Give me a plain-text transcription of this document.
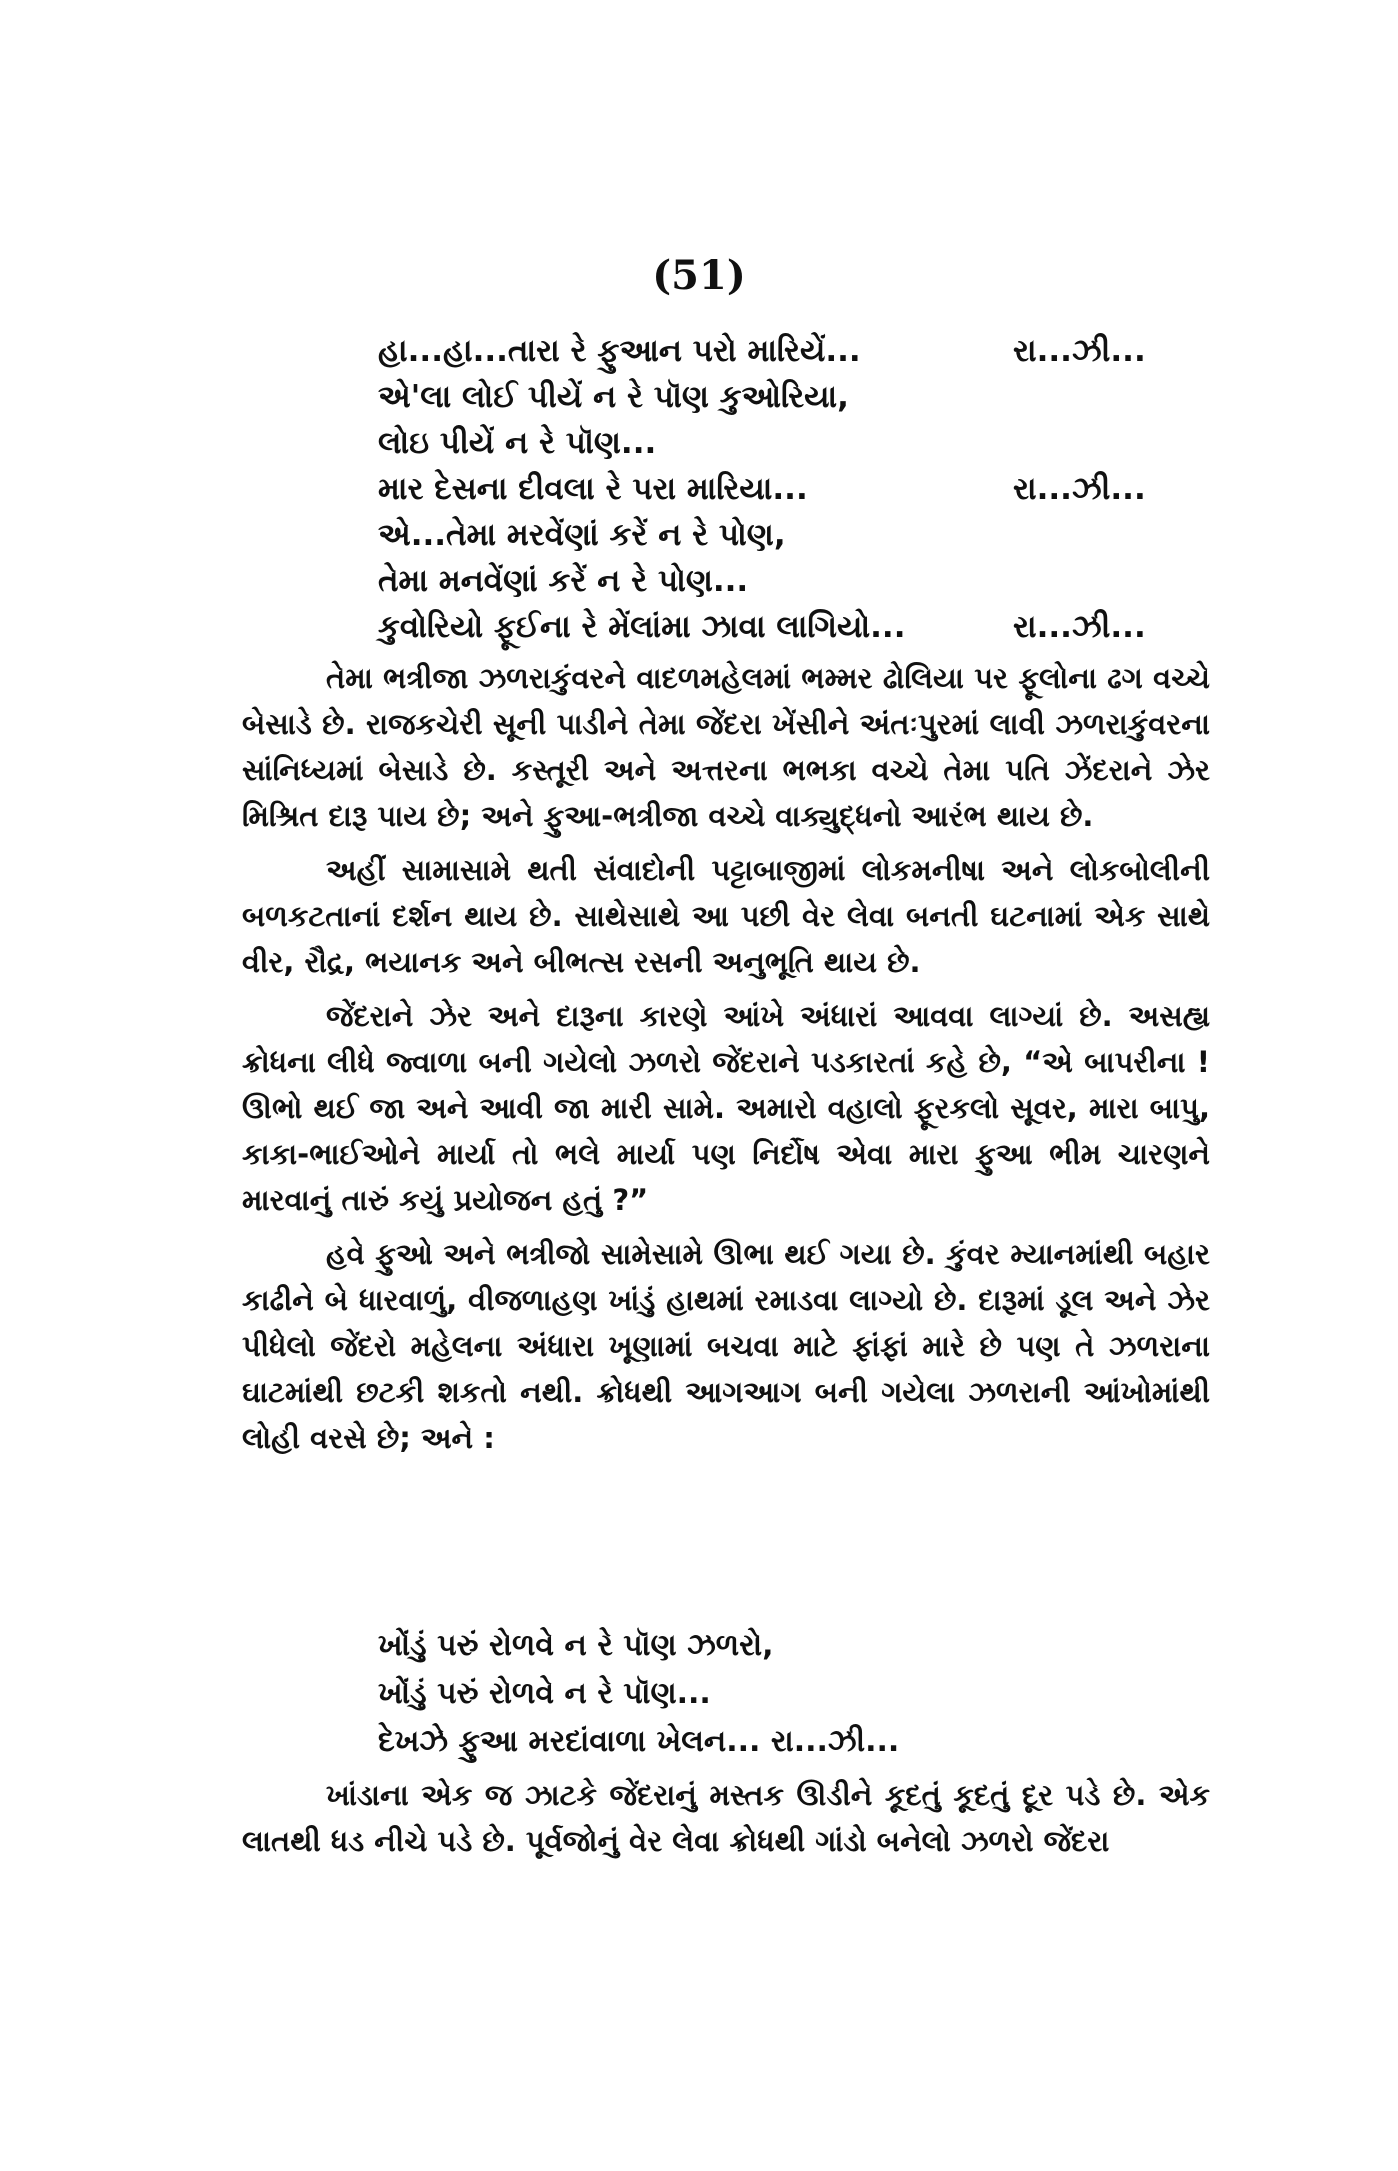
(51)
હા...હા...તારા રે ફુઆન પરો મારિયેં...	રા...ઝી...
એ'લા લોઈ પીયેં ન રે પૉણ કુઓરિયા,
લોઇ પીયેં ન રે પૉણ...
માર દેસના દીવલા રે પરા મારિયા...	રા...ઝી...
એ...તેમા મરવેંણાં કરેં ન રે પોણ,
તેમા મનવેંણાં કરેં ન રે પોણ...
કુવોરિયો ફૂઈના રે મેંલાંમા ઝાવા લાગિયો...	રા...ઝી...

તેમા ભત્રીજા ઝળરાકુંવરને વાદળમહેલમાં ભમ્મર ઢોલિયા પર ફૂલોના ઢગ વચ્ચે બેસાડે છે. રાજકચેરી સૂની પાડીને તેમા જેંદરા ખેંસીને અંતઃપુરમાં લાવી ઝળરાકુંવરના સાંનિધ્યમાં બેસાડે છે. કસ્તૂરી અને અત્તરના ભભકા વચ્ચે તેમા પતિ ઝેંદરાને ઝેર મિશ્રિત દારૂ પાય છે; અને ફુઆ-ભત્રીજા વચ્ચે વાક્યુદ્ધનો આરંભ થાય છે.

અહીં સામાસામે થતી સંવાદોની પટ્ટાબાજીમાં લોકમનીષા અને લોકબોલીની બળકટતાનાં દર્શન થાય છે. સાથેસાથે આ પછી વેર લેવા બનતી ઘટનામાં એક સાથે વીર, રૌદ્ર, ભયાનક અને બીભત્સ રસની અનુભૂતિ થાય છે.

જેંદરાને ઝેર અને દારૂના કારણે આંખે અંધારાં આવવા લાગ્યાં છે. અસહ્ય ક્રોધના લીધે જ્વાળા બની ગયેલો ઝળરો જેંદરાને પડકારતાં કહે છે, “એ બાપરીના ! ઊભો થઈ જા અને આવી જા મારી સામે. અમારો વહાલો ફૂરકલો સૂવર, મારા બાપુ, કાકા-ભાઈઓને માર્યા તો ભલે માર્યા પણ નિર્દોષ એવા મારા ફુઆ ભીમ ચારણને મારવાનું તારું કયું પ્રયોજન હતું ?”

હવે ફુઓ અને ભત્રીજો સામેસામે ઊભા થઈ ગયા છે. કુંવર મ્યાનમાંથી બહાર કાઢીને બે ધારવાળું, વીજળાહણ ખાંડું હાથમાં રમાડવા લાગ્યો છે. દારૂમાં ડૂલ અને ઝેર પીધેલો જેંદરો મહેલના અંધારા ખૂણામાં બચવા માટે ફાંફાં મારે છે પણ તે ઝળરાના ઘાટમાંથી છટકી શકતો નથી. ક્રોધથી આગઆગ બની ગયેલા ઝળરાની આંખોમાંથી લોહી વરસે છે; અને :

ખોંડું પરું રોળવે ન રે પૉણ ઝળરો,
ખોંડું પરું રોળવે ન રે પૉણ...
દેખઝે ફુઆ મરદાંવાળા ખેલન... રા...ઝી...

ખાંડાના એક જ ઝાટકે જેંદરાનું મસ્તક ઊડીને કૂદતું કૂદતું દૂર પડે છે. એક લાતથી ધડ નીચે પડે છે. પૂર્વજોનું વેર લેવા ક્રોધથી ગાંડો બનેલો ઝળરો જેંદરા
